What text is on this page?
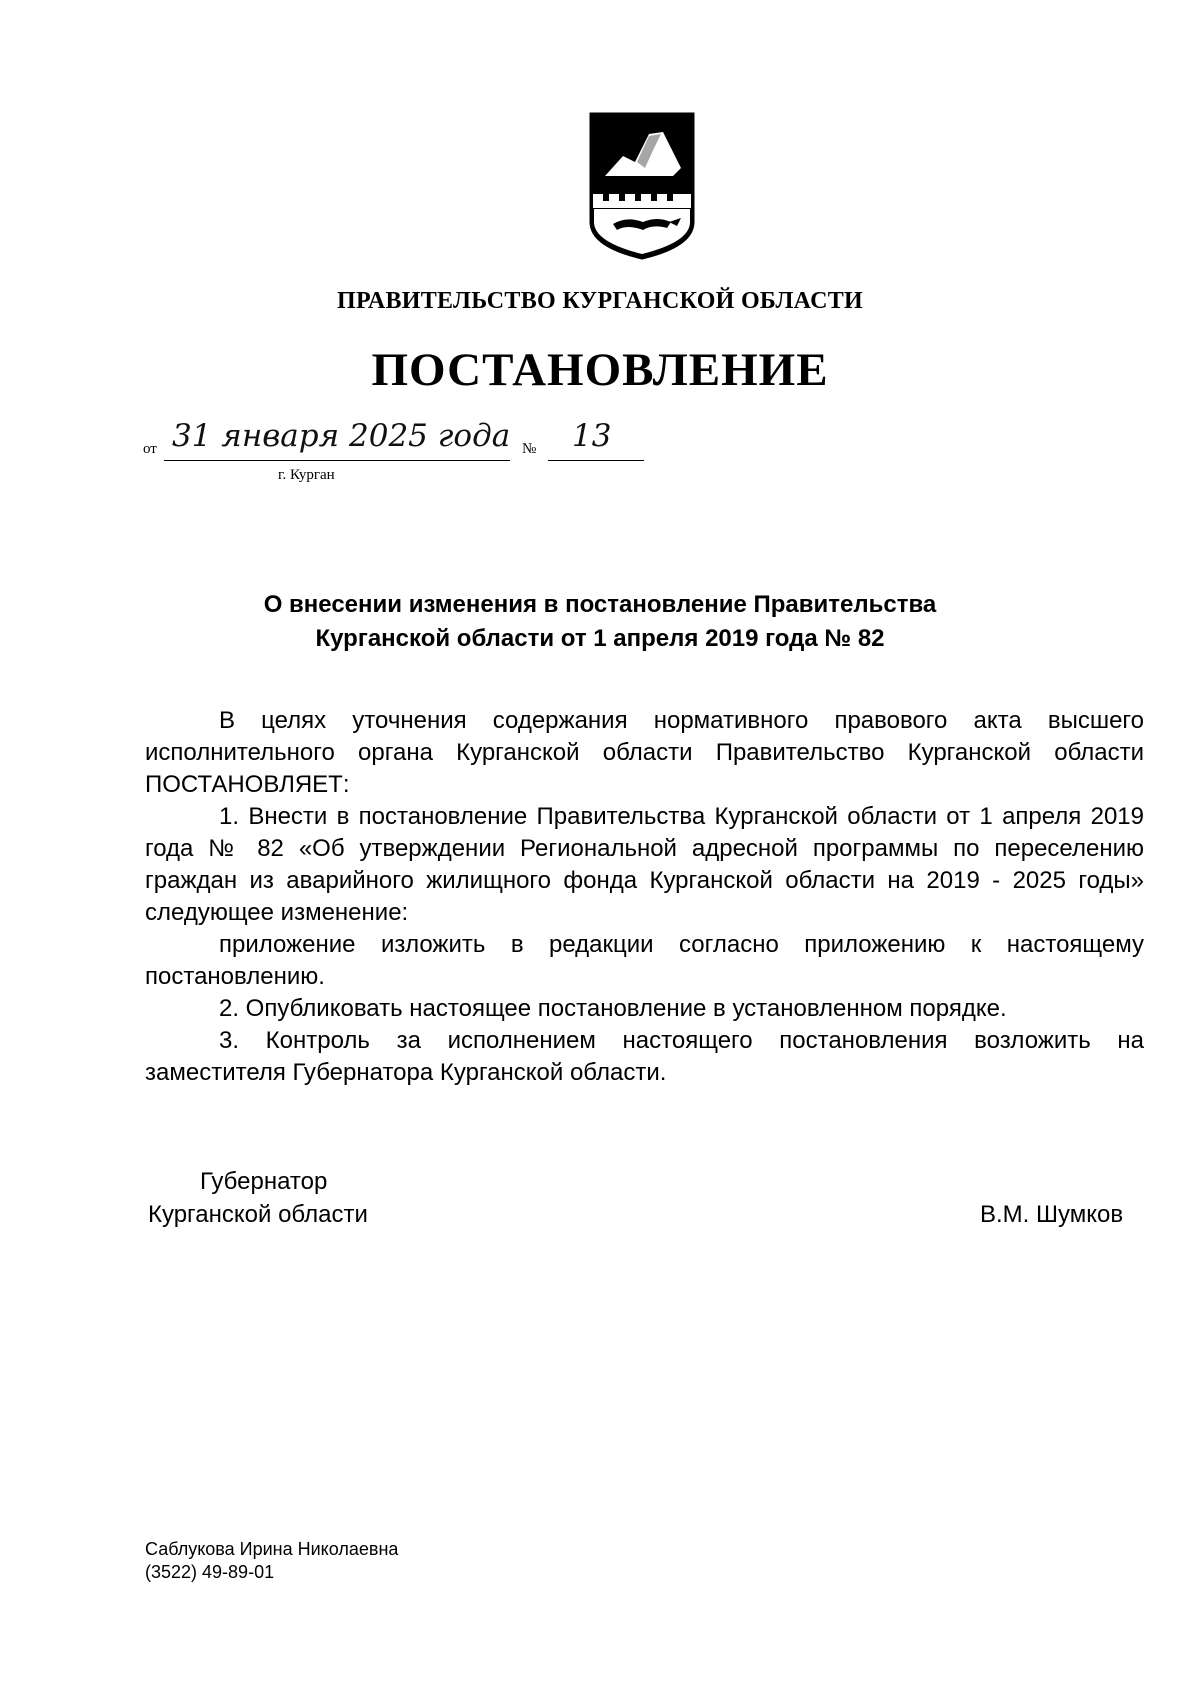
ПРАВИТЕЛЬСТВО КУРГАНСКОЙ ОБЛАСТИ
ПОСТАНОВЛЕНИЕ
от 31 января 2025 года № 13
г. Курган
О внесении изменения в постановление Правительства
Курганской области от 1 апреля 2019 года № 82

В целях уточнения содержания нормативного правового акта высшего исполнительного органа Курганской области Правительство Курганской области ПОСТАНОВЛЯЕТ:

1. Внести в постановление Правительства Курганской области от 1 апреля 2019 года № 82 «Об утверждении Региональной адресной программы по переселению граждан из аварийного жилищного фонда Курганской области на 2019 - 2025 годы» следующее изменение:

приложение изложить в редакции согласно приложению к настоящему постановлению.

2. Опубликовать настоящее постановление в установленном порядке.

3. Контроль за исполнением настоящего постановления возложить на заместителя Губернатора Курганской области.

Губернатор
Курганской области	В.М. Шумков
Саблукова Ирина Николаевна
(3522) 49-89-01
